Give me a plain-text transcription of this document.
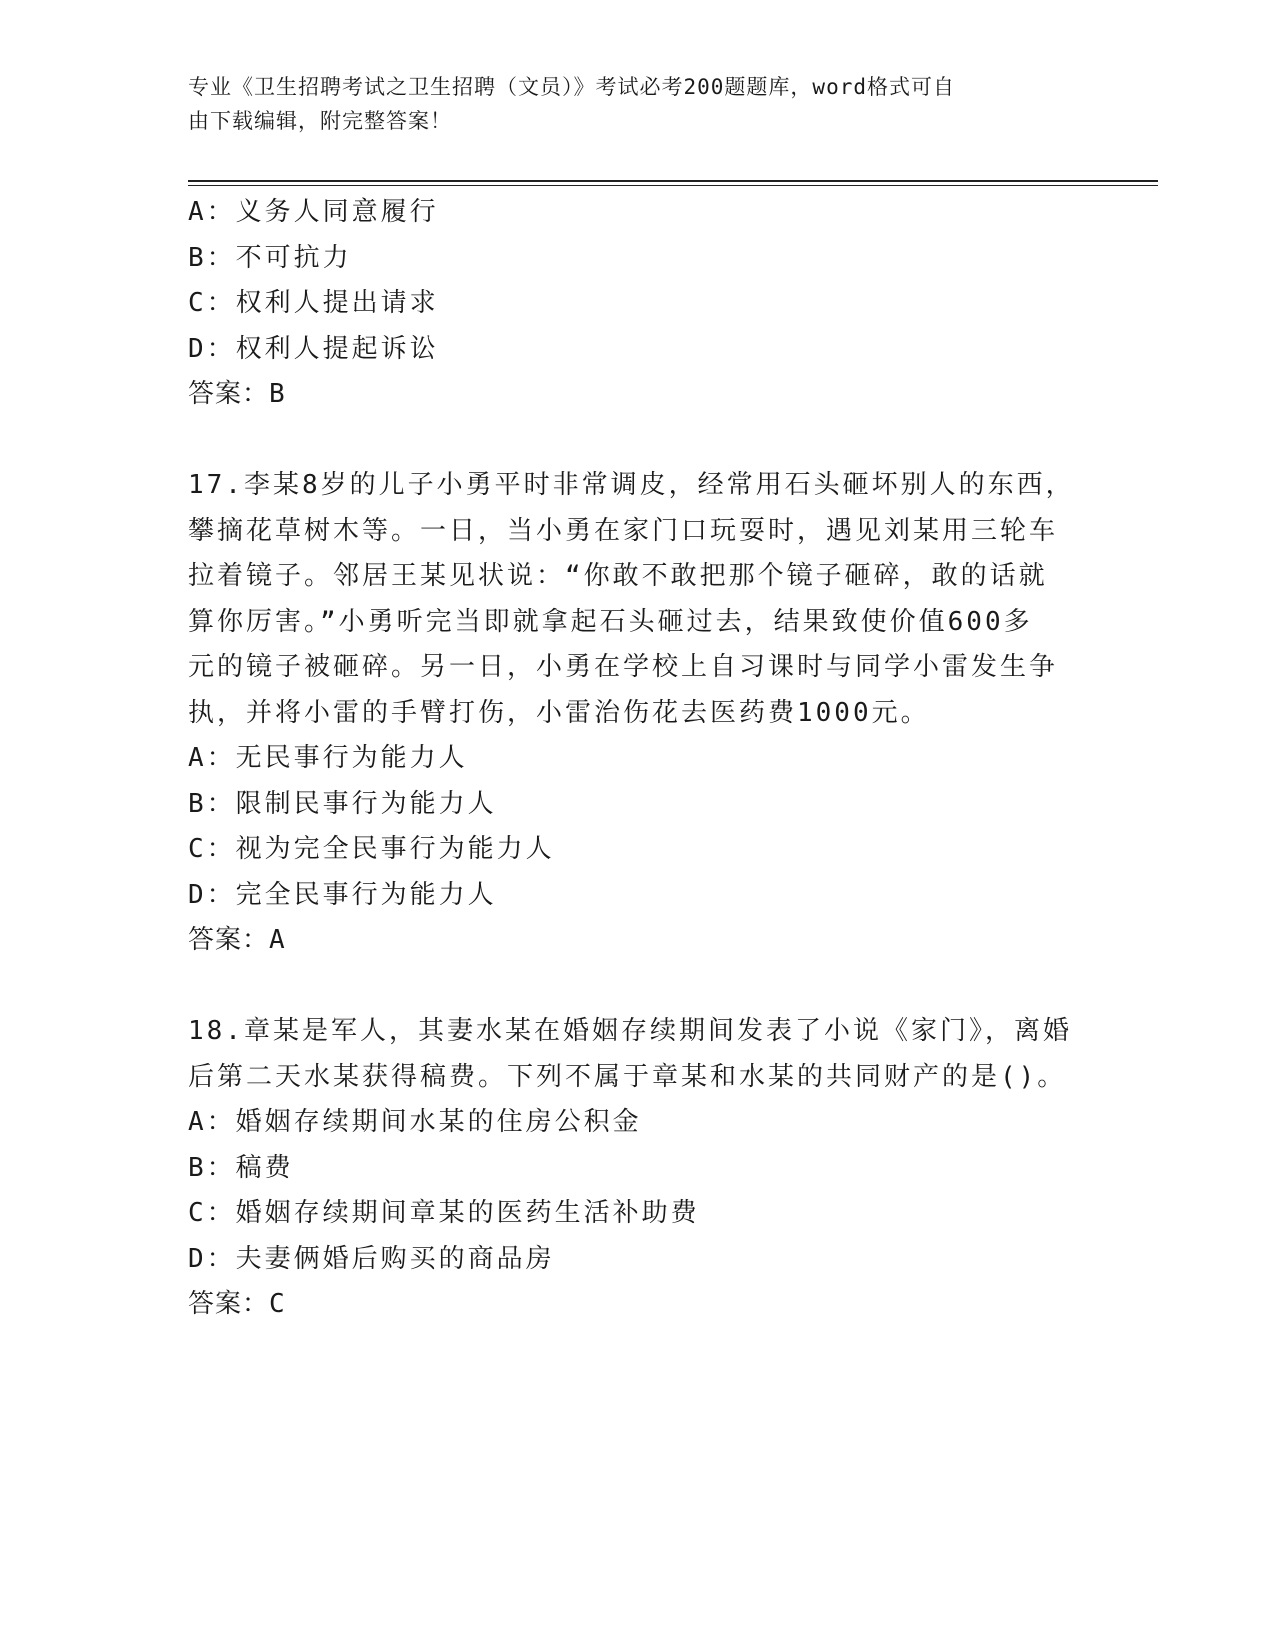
专业《卫生招聘考试之卫生招聘（文员）》考试必考200题题库，word格式可自
由下载编辑，附完整答案！
A：义务人同意履行
B：不可抗力
C：权利人提出请求
D：权利人提起诉讼
答案：B
17.李某8岁的儿子小勇平时非常调皮，经常用石头砸坏别人的东西，
攀摘花草树木等。一日，当小勇在家门口玩耍时，遇见刘某用三轮车
拉着镜子。邻居王某见状说：“你敢不敢把那个镜子砸碎，敢的话就
算你厉害。”小勇听完当即就拿起石头砸过去，结果致使价值600多
元的镜子被砸碎。另一日，小勇在学校上自习课时与同学小雷发生争
执，并将小雷的手臂打伤，小雷治伤花去医药费1000元。
A：无民事行为能力人
B：限制民事行为能力人
C：视为完全民事行为能力人
D：完全民事行为能力人
答案：A
18.章某是军人，其妻水某在婚姻存续期间发表了小说《家门》，离婚
后第二天水某获得稿费。下列不属于章某和水某的共同财产的是()。
A：婚姻存续期间水某的住房公积金
B：稿费
C：婚姻存续期间章某的医药生活补助费
D：夫妻俩婚后购买的商品房
答案：C
